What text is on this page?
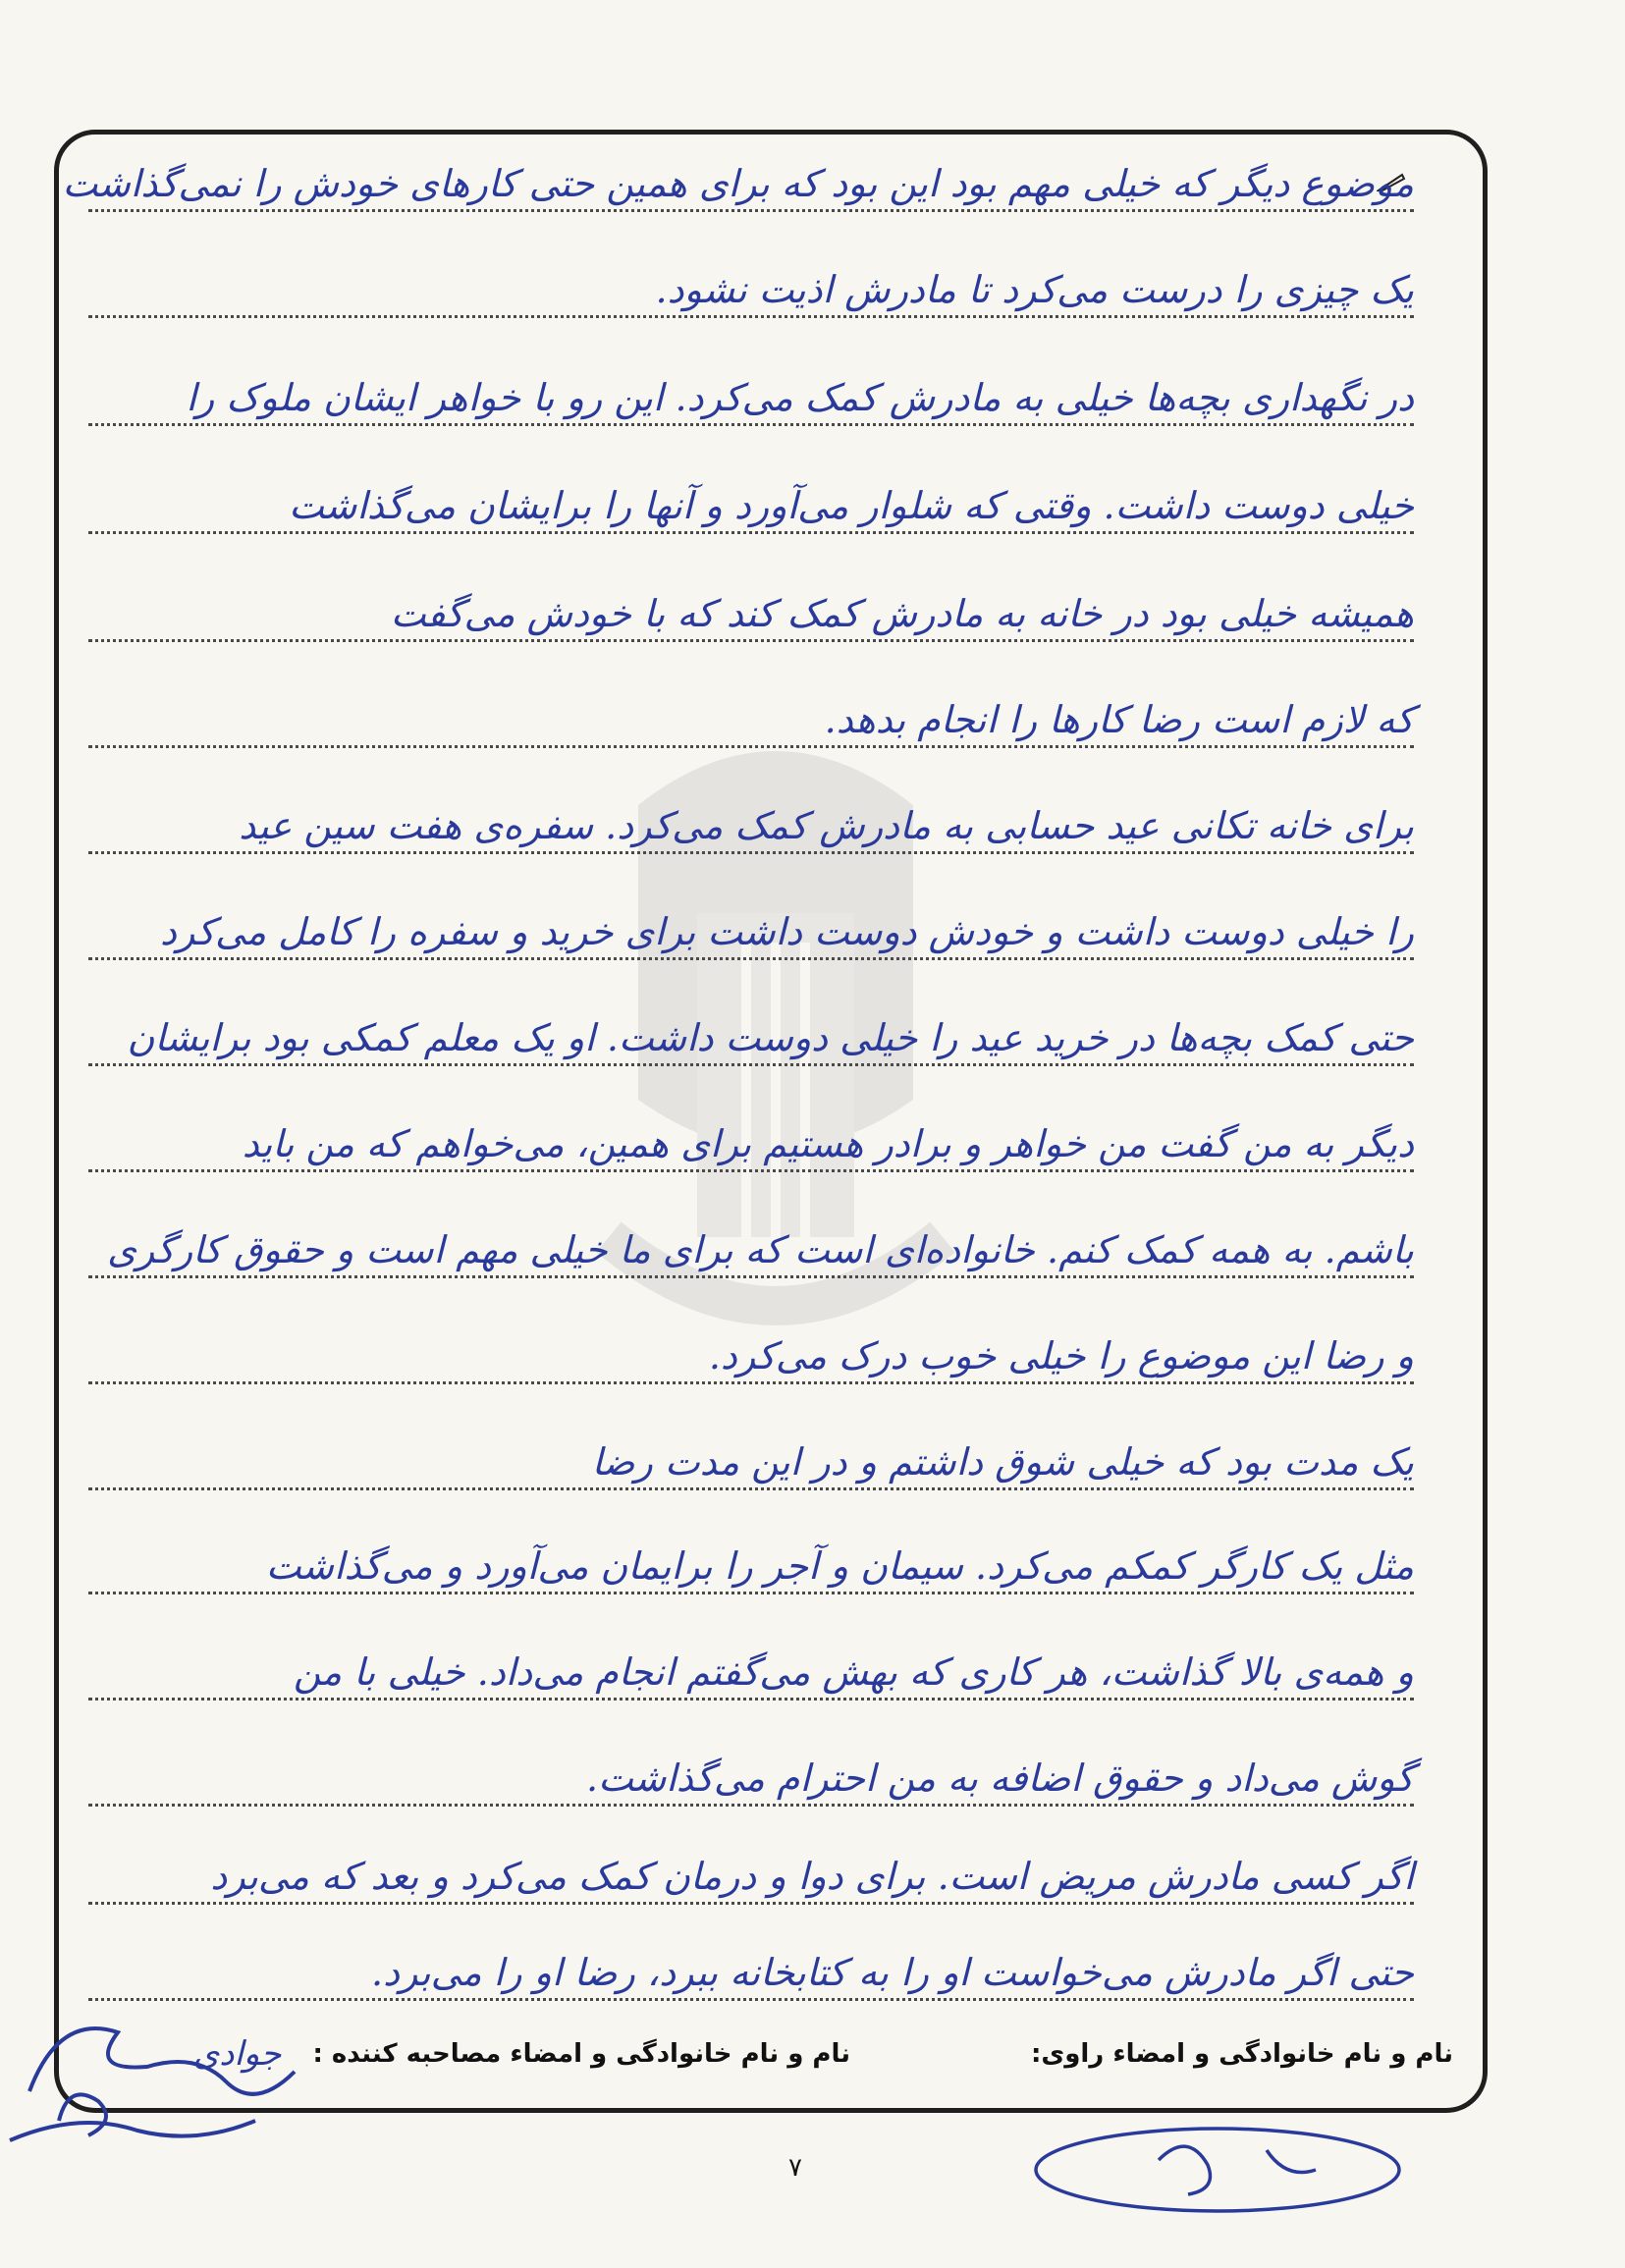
موضوع دیگر که خیلی مهم بود این بود که برای همین حتی کارهای خودش را نمی‌گذاشت
یک چیزی را درست می‌کرد تا مادرش اذیت نشود.
در نگهداری بچه‌ها خیلی به مادرش کمک می‌کرد. این رو با خواهر ایشان ملوک را
خیلی دوست داشت. وقتی که شلوار می‌آورد و آنها را برایشان می‌گذاشت
همیشه خیلی بود در خانه به مادرش کمک کند که با خودش می‌گفت
که لازم است رضا کارها را انجام بدهد.
برای خانه تکانی عید حسابی به مادرش کمک می‌کرد. سفره‌ی هفت سین عید
را خیلی دوست داشت و خودش دوست داشت برای خرید و سفره را کامل می‌کرد
حتی کمک بچه‌ها در خرید عید را خیلی دوست داشت. او یک معلم کمکی بود برایشان
دیگر به من گفت من خواهر و برادر هستیم برای همین، می‌خواهم که من باید
باشم. به همه کمک کنم. خانواده‌ای است که برای ما خیلی مهم است و حقوق کارگری
و رضا این موضوع را خیلی خوب درک می‌کرد.
یک مدت بود که خیلی شوق داشتم و در این مدت رضا
مثل یک کارگر کمکم می‌کرد. سیمان و آجر را برایمان می‌آورد و می‌گذاشت
و همه‌ی بالا گذاشت، هر کاری که بهش می‌گفتم انجام می‌داد. خیلی با من
گوش می‌داد و حقوق اضافه به من احترام می‌گذاشت.
اگر کسی مادرش مریض است. برای دوا و درمان کمک می‌کرد و بعد که می‌برد
حتی اگر مادرش می‌خواست او را به کتابخانه ببرد، رضا او را می‌برد.
نام و نام خانوادگی و امضاء راوی:
نام و نام خانوادگی و امضاء مصاحبه کننده :
جوادی
۷
